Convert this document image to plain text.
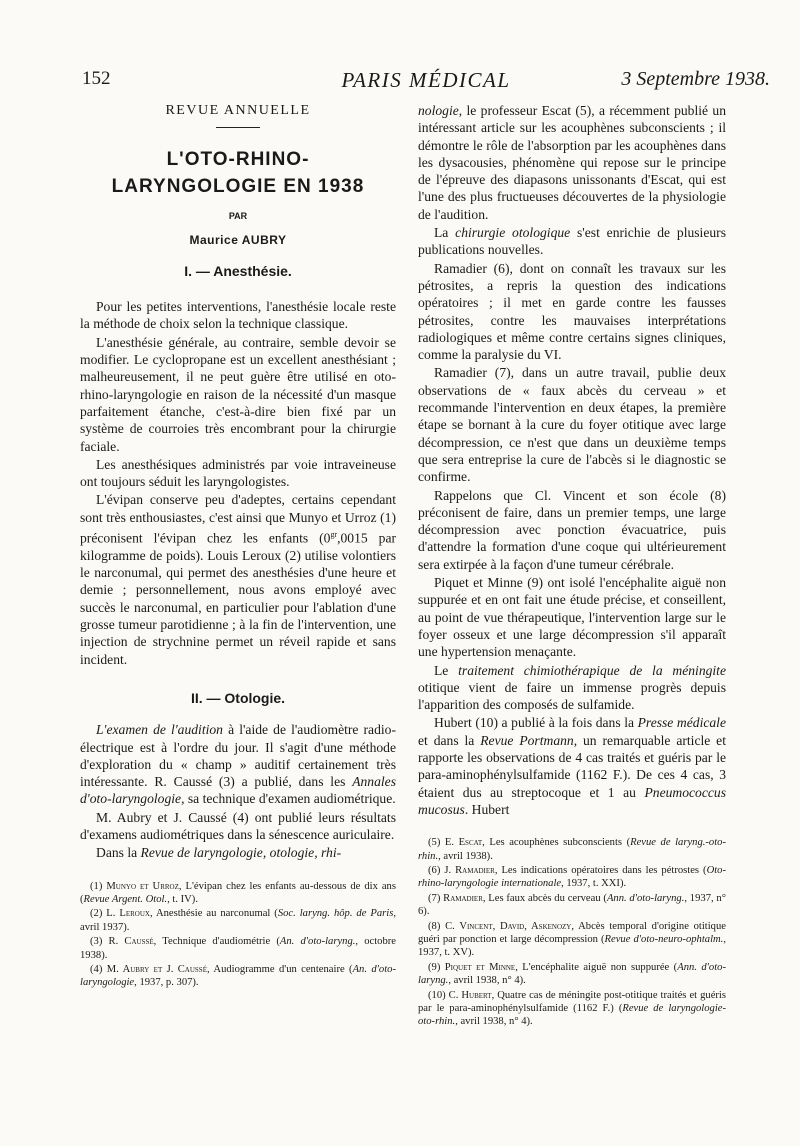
152	PARIS MÉDICAL	3 Septembre 1938.
REVUE ANNUELLE
L'OTO-RHINO-
LARYNGOLOGIE EN 1938
PAR
Maurice AUBRY
I. — Anesthésie.

Pour les petites interventions, l'anesthésie locale reste la méthode de choix selon la technique classique.

L'anesthésie générale, au contraire, semble devoir se modifier. Le cyclopropane est un excellent anesthésiant ; malheureusement, il ne peut guère être utilisé en oto-rhino-laryngologie en raison de la nécessité d'un masque parfaitement étanche, c'est-à-dire bien fixé par un système de courroies très encombrant pour la chirurgie faciale.

Les anesthésiques administrés par voie intraveineuse ont toujours séduit les laryngologistes.

L'évipan conserve peu d'adeptes, certains cependant sont très enthousiastes, c'est ainsi que Munyo et Urroz (1) préconisent l'évipan chez les enfants ($0^{gr},0015$ par kilogramme de poids). Louis Leroux (2) utilise volontiers le narconumal, qui permet des anesthésies d'une heure et demie ; personnellement, nous avons employé avec succès le narconumal, en particulier pour l'ablation d'une grosse tumeur parotidienne ; à la fin de l'intervention, une injection de strychnine permet un réveil rapide et sans incident.

II. — Otologie.

L'examen de l'audition à l'aide de l'audiomètre radio-électrique est à l'ordre du jour. Il s'agit d'une méthode d'exploration du « champ » auditif certainement très intéressante. R. Caussé (3) a publié, dans les Annales d'oto-laryngologie, sa technique d'examen audiométrique.

M. Aubry et J. Caussé (4) ont publié leurs résultats d'examens audiométriques dans la sénescence auriculaire.

Dans la Revue de laryngologie, otologie, rhi-

(1) Munyo et Urroz, L'évipan chez les enfants au-dessous de dix ans (Revue Argent. Otol., t. IV).

(2) L. Leroux, Anesthésie au narconumal (Soc. laryng. hôp. de Paris, avril 1937).

(3) R. Caussé, Technique d'audiométrie (An. d'oto-laryng., octobre 1938).

(4) M. Aubry et J. Caussé, Audiogramme d'un centenaire (An. d'oto-laryngologie, 1937, p. 307).

nologie, le professeur Escat (5), a récemment publié un intéressant article sur les acouphènes subconscients ; il démontre le rôle de l'absorption par les acouphènes dans les dysacousies, phénomène qui repose sur le principe de l'épreuve des diapasons unissonants d'Escat, qui est l'une des plus fructueuses découvertes de la physiologie de l'audition.

La chirurgie otologique s'est enrichie de plusieurs publications nouvelles.

Ramadier (6), dont on connaît les travaux sur les pétrosites, a repris la question des indications opératoires ; il met en garde contre les fausses pétrosites, contre les mauvaises interprétations radiologiques et même contre certains signes cliniques, comme la paralysie du VI.

Ramadier (7), dans un autre travail, publie deux observations de « faux abcès du cerveau » et recommande l'intervention en deux étapes, la première étape se bornant à la cure du foyer otitique avec large décompression, ce n'est que dans un deuxième temps que sera entreprise la cure de l'abcès si le diagnostic se confirme.

Rappelons que Cl. Vincent et son école (8) préconisent de faire, dans un premier temps, une large décompression avec ponction évacuatrice, puis d'attendre la formation d'une coque qui ultérieurement sera extirpée à la façon d'une tumeur cérébrale.

Piquet et Minne (9) ont isolé l'encéphalite aiguë non suppurée et en ont fait une étude précise, et conseillent, au point de vue thérapeutique, l'intervention large sur le foyer osseux et une large décompression s'il apparaît une hypertension menaçante.

Le traitement chimiothérapique de la méningite otitique vient de faire un immense progrès depuis l'apparition des composés de sulfamide.

Hubert (10) a publié à la fois dans la Presse médicale et dans la Revue Portmann, un remarquable article et rapporte les observations de 4 cas traités et guéris par le para-aminophénylsulfamide (1162 F.). De ces 4 cas, 3 étaient dus au streptocoque et 1 au Pneumococcus mucosus. Hubert

(5) E. Escat, Les acouphènes subconscients (Revue de laryng.-oto-rhin., avril 1938).

(6) J. Ramadier, Les indications opératoires dans les pétrostes (Oto-rhino-laryngologie internationale, 1937, t. XXI).

(7) Ramadier, Les faux abcès du cerveau (Ann. d'oto-laryng., 1937, n° 6).

(8) C. Vincent, David, Askenozy, Abcès temporal d'origine otitique guéri par ponction et large décompression (Revue d'oto-neuro-ophtalm., 1937, t. XV).

(9) Piquet et Minne, L'encéphalite aiguë non suppurée (Ann. d'oto-laryng., avril 1938, n° 4).

(10) C. Hubert, Quatre cas de méningite post-otitique traités et guéris par le para-aminophénylsulfamide (1162 F.) (Revue de laryngologie-oto-rhin., avril 1938, n° 4).
